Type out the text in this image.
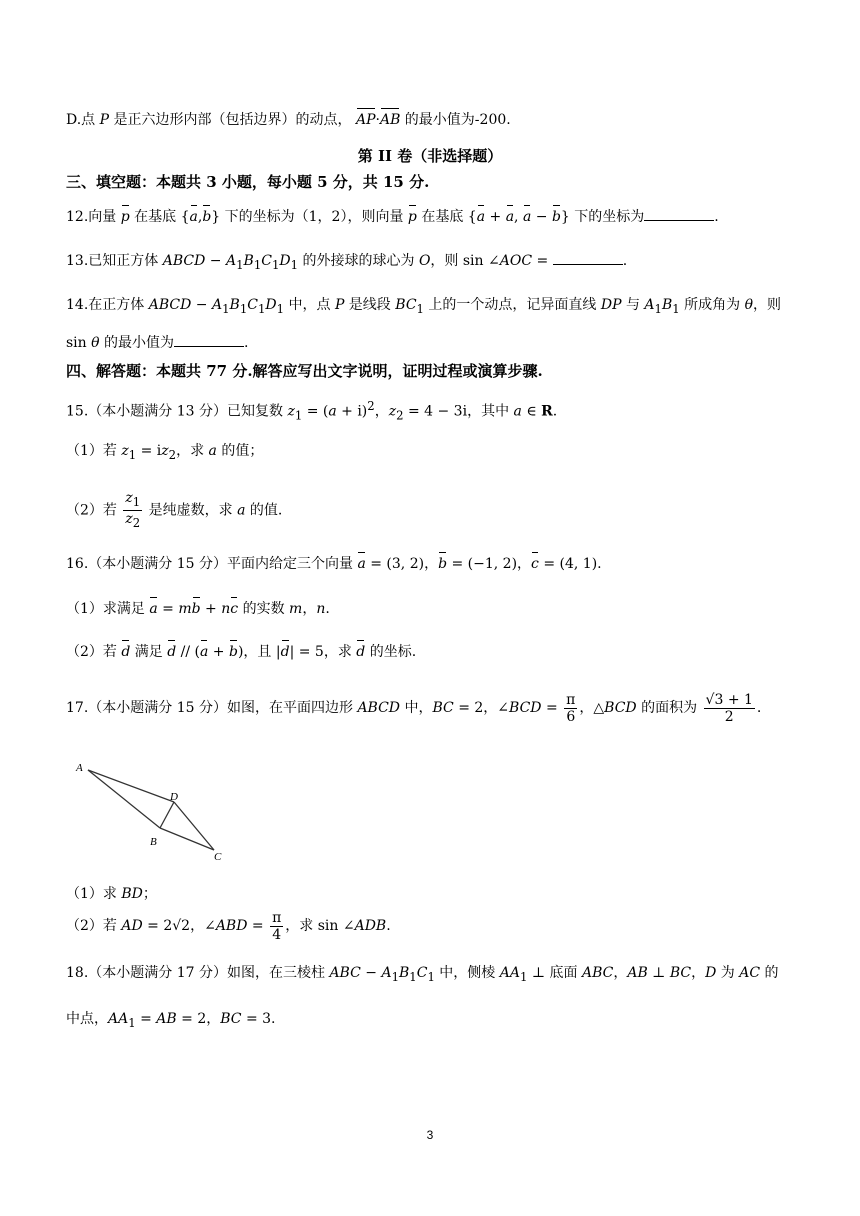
D.点 P 是正六边形内部（包括边界）的动点， AP·AB 的最小值为-200.
第 II 卷（非选择题）
三、填空题：本题共 3 小题，每小题 5 分，共 15 分.
12.向量 p 在基底 {a,b} 下的坐标为（1，2），则向量 p 在基底 {a + a, a − b} 下的坐标为	.
13.已知正方体 ABCD − $A_1B_1C_1D_1$ 的外接球的球心为 O，则 sin ∠AOC =	.
14.在正方体 ABCD − $A_1B_1C_1D_1$ 中，点 P 是线段 $BC_1$ 上的一个动点，记异面直线 DP 与 $A_1B_1$ 所成角为 θ，则
sin θ 的最小值为	.
四、解答题：本题共 77 分.解答应写出文字说明，证明过程或演算步骤.
15.（本小题满分 13 分）已知复数 $z_1 = (a + i)^2$，$z_2 = 4 - 3i$，其中 a ∈ R.
（1）若 $z_1 = iz_2$，求 a 的值；
（2）若 $\frac{z_1}{z_2}$ 是纯虚数，求 a 的值.
16.（本小题满分 15 分）平面内给定三个向量 a = (3, 2)，b = (−1, 2)，c = (4, 1).
（1）求满足 a = mb + nc 的实数 m，n.
（2）若 d 满足 d // (a + b)，且 |d| = 5，求 d 的坐标.
17.（本小题满分 15 分）如图，在平面四边形 ABCD 中，BC = 2，∠BCD = $\frac{\pi}{6}$ ，△BCD 的面积为 $\frac{√3 + 1}{2}$ .
A
D
B
C
（1）求 BD；
（2）若 AD = 2√2，∠ABD = $\frac{\pi}{4}$ ，求 sin ∠ADB.
18.（本小题满分 17 分）如图，在三棱柱 ABC − $A_1B_1C_1$ 中，侧棱 $AA_1$ ⊥ 底面 ABC，AB ⊥ BC，D 为 AC 的
中点，$AA_1$ = AB = 2，BC = 3.
3
